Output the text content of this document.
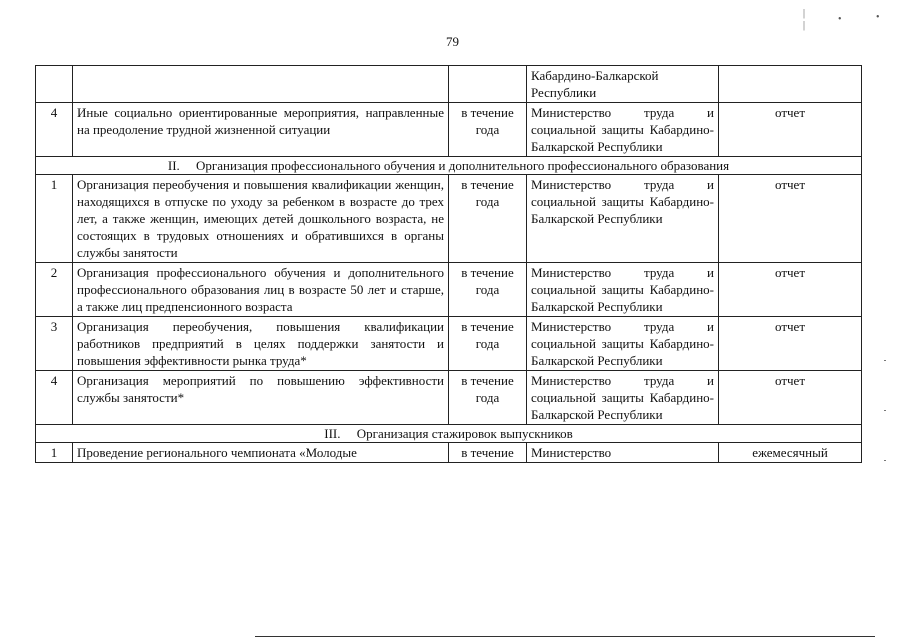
79
|
|
•	•
			Кабардино-Балкарской Республики	
4	Иные социально ориентированные мероприятия, направленные на преодоление трудной жизненной ситуации	в течение года	Министерство труда и социальной защиты Кабардино-Балкарской Республики	отчет
II.     Организация профессионального обучения и дополнительного профессионального образования				
1	Организация переобучения и повышения квалификации женщин, находящихся в отпуске по уходу за ребенком в возрасте до трех лет, а также женщин, имеющих детей дошкольного возраста, не состоящих в трудовых отношениях и обратившихся в органы службы занятости	в течение года	Министерство труда и социальной защиты Кабардино-Балкарской Республики	отчет
2	Организация профессионального обучения и дополнительного профессионального образования лиц в возрасте 50 лет и старше, а также лиц предпенсионного возраста	в течение года	Министерство труда и социальной защиты Кабардино-Балкарской Республики	отчет
3	Организация переобучения, повышения квалификации работников предприятий в целях поддержки занятости и повышения эффективности рынка труда*	в течение года	Министерство труда и социальной защиты Кабардино-Балкарской Республики	отчет
4	Организация мероприятий по повышению эффективности службы занятости*	в течение года	Министерство труда и социальной защиты Кабардино-Балкарской Республики	отчет
III.     Организация стажировок выпускников				
1	Проведение регионального чемпионата «Молодые	в течение	Министерство	ежемесячный
